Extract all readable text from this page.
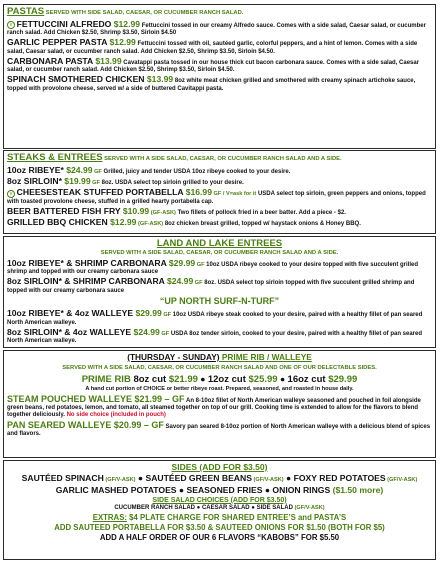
PASTAS SERVED WITH SIDE SALAD, CAESAR, OR CUCUMBER RANCH SALAD.

v FETTUCCINI ALFREDO $12.99 Fettuccini tossed in our creamy Alfredo sauce. Comes with a side salad, Caesar salad, or cucumber ranch salad. Add Chicken $2.50, Shrimp $3.50, Sirloin $4.50

GARLIC PEPPER PASTA $12.99 Fettuccini tossed with oil, sautéed garlic, colorful peppers, and a hint of lemon. Comes with a side salad, Caesar salad, or cucumber ranch salad. Add Chicken $2.50, Shrimp $3.50, Sirloin $4.50.

CARBONARA PASTA $13.99 Cavatappi pasta tossed in our house thick cut bacon carbonara sauce. Comes with a side salad, Caesar salad, or cucumber ranch salad. Add Chicken $2.50, Shrimp $3.50, Sirloin $4.50.

SPINACH SMOTHERED CHICKEN $13.99 8oz white meat chicken grilled and smothered with creamy spinach artichoke sauce, topped with provolone cheese, served w/ a side of buttered Cavitappi pasta.

STEAKS & ENTREES SERVED WITH A SIDE SALAD, CAESAR, OR CUCUMBER RANCH SALAD AND A SIDE.

10oz RIBEYE* $24.99 GF Grilled, juicy and tender USDA 10oz ribeye cooked to your desire.

8oz SIRLOIN* $19.99 GF 8oz. USDA select top sirloin grilled to your desire.

v CHEESESTEAK STUFFED PORTABELLA $16.99 GF / V=ask for it USDA select top sirloin, green peppers and onions, topped with toasted provolone cheese, stuffed in a grilled hearty portabella cap.

BEER BATTERED FISH FRY $10.99 (GF-ASK) Two fillets of pollock fried in a beer batter. Add a piece - $2.

GRILLED BBQ CHICKEN $12.99 (GF-ASK) 8oz chicken breast grilled, topped w/ haystack onions & Honey BBQ.

LAND AND LAKE ENTREES

SERVED WITH A SIDE SALAD, CAESAR, OR CUCUMBER RANCH SALAD AND A SIDE.

10oz RIBEYE* & SHRIMP CARBONARA $29.99 GF 10oz USDA ribeye cooked to your desire topped with five succulent grilled shrimp and topped with our creamy carbonara sauce

8oz SIRLOIN* & SHRIMP CARBONARA $24.99 GF 8oz. USDA select top sirloin topped with five succulent grilled shrimp and topped with our creamy carbonara sauce

“UP NORTH SURF-N-TURF”

10oz RIBEYE* & 4oz WALLEYE $29.99 GF 10oz USDA ribeye steak cooked to your desire, paired with a healthy fillet of pan seared North American walleye.

8oz SIRLOIN* & 4oz WALLEYE $24.99 GF USDA 8oz tender sirloin, cooked to your desire, paired with a healthy fillet of pan seared North American walleye.

(THURSDAY - SUNDAY) PRIME RIB / WALLEYE

SERVED WITH A SIDE SALAD, CAESAR, OR CUCUMBER RANCH SALAD AND ONE OF OUR DELECTABLE SIDES.

PRIME RIB 8oz cut $21.99 ● 12oz cut $25.99 ● 16oz cut $29.99

A hand cut portion of CHOICE or better ribeye roast. Prepared, seasoned, and roasted in house daily.

STEAM POUCHED WALLEYE $21.99 – GF An 8-10oz fillet of North American walleye seasoned and pouched in foil alongside green beans, red potatoes, lemon, and tomato, all steamed together on top of our grill. Cooking time is extended to allow for the flavors to blend together deliciously. No side choice (included in pouch)

PAN SEARED WALLEYE $20.99 – GF Savory pan seared 8-10oz portion of North American walleye with a delicious blend of spices and flavors.

SIDES (ADD FOR $3.50)

SAUTÉED SPINACH (GF/V-ASK) ● SAUTÉED GREEN BEANS (GF/V-ASK) ● FOXY RED POTATOES (GF/V-ASK)

GARLIC MASHED POTATOES ● SEASONED FRIES ● ONION RINGS ($1.50 more)

SIDE SALAD CHOICES (ADD FOR $3.50)

CUCUMBER RANCH SALAD ● CAESAR SALAD ● SIDE SALAD (GF/V-ASK)

EXTRAS: $4 PLATE CHARGE FOR SHARED ENTREE’S and PASTA’S

ADD SAUTEED PORTABELLA FOR $3.50 & SAUTEED ONIONS FOR $1.50 (BOTH FOR $5)

ADD A HALF ORDER OF OUR 6 FLAVORS “KABOBS” FOR $5.50
